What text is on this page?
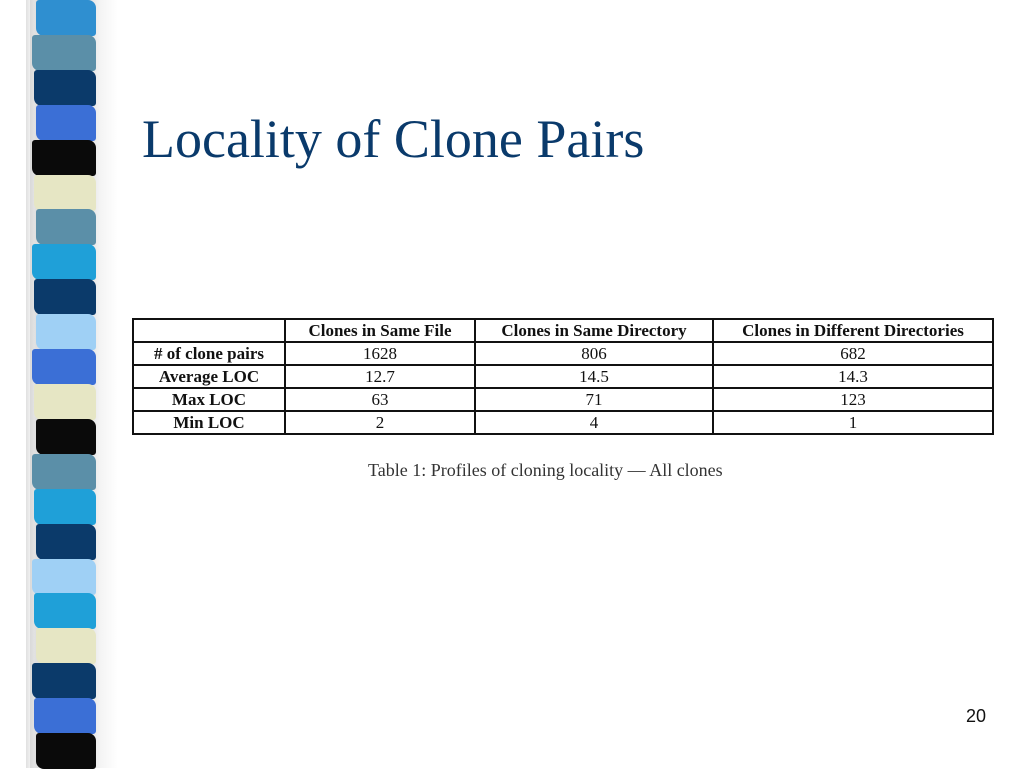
Locality of Clone Pairs
	Clones in Same File	Clones in Same Directory	Clones in Different Directories
# of clone pairs	1628	806	682
Average LOC	12.7	14.5	14.3
Max LOC	63	71	123
Min LOC	2	4	1
Table 1: Profiles of cloning locality — All clones
20
